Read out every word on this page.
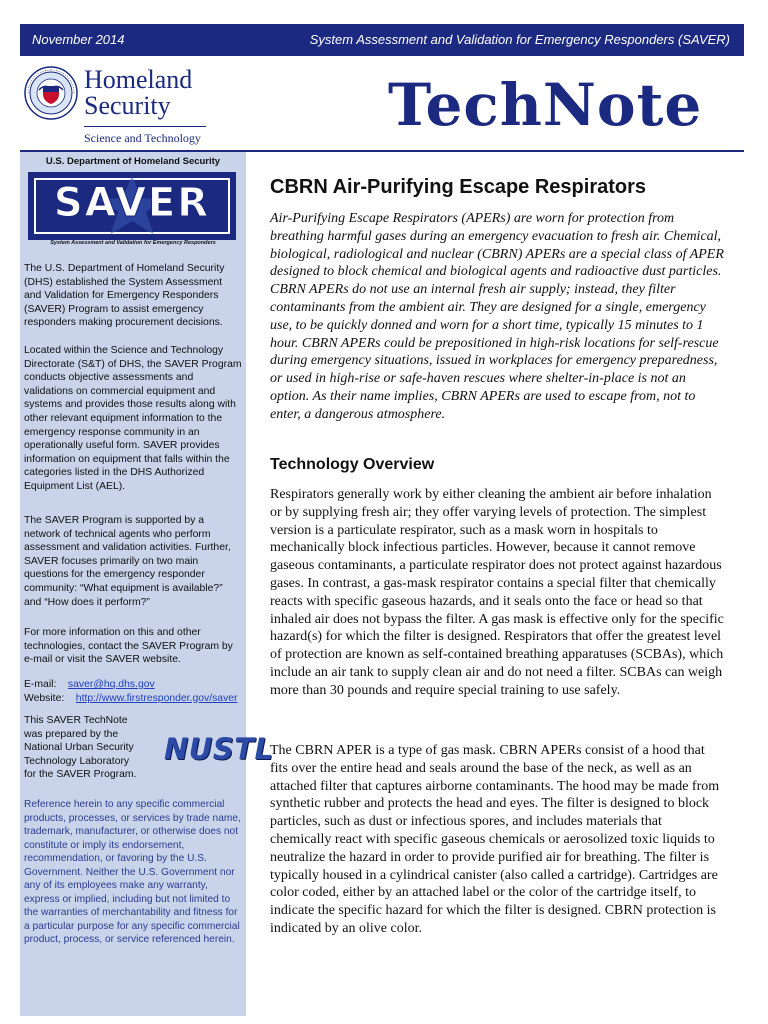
November 2014	System Assessment and Validation for Emergency Responders (SAVER)
Homeland
Security
Science and Technology	TechNote
U.S. Department of Homeland Security
SAVER
System Assessment and Validation for Emergency Responders
The U.S. Department of Homeland Security (DHS) established the System Assessment and Validation for Emergency Responders (SAVER) Program to assist emergency responders making procurement decisions.
Located within the Science and Technology Directorate (S&T) of DHS, the SAVER Program conducts objective assessments and validations on commercial equipment and systems and provides those results along with other relevant equipment information to the emergency response community in an operationally useful form. SAVER provides information on equipment that falls within the categories listed in the DHS Authorized Equipment List (AEL).
The SAVER Program is supported by a network of technical agents who perform assessment and validation activities. Further, SAVER focuses primarily on two main questions for the emergency responder community: “What equipment is available?” and “How does it perform?”
For more information on this and other technologies, contact the SAVER Program by e-mail or visit the SAVER website.
E-mail: saver@hq.dhs.gov
Website: http://www.firstresponder.gov/saver
This SAVER TechNote was prepared by the National Urban Security Technology Laboratory for the SAVER Program.
NUSTL
Reference herein to any specific commercial products, processes, or services by trade name, trademark, manufacturer, or otherwise does not constitute or imply its endorsement, recommendation, or favoring by the U.S. Government. Neither the U.S. Government nor any of its employees make any warranty, express or implied, including but not limited to the warranties of merchantability and fitness for a particular purpose for any specific commercial product, process, or service referenced herein.
CBRN Air-Purifying Escape Respirators
Air-Purifying Escape Respirators (APERs) are worn for protection from breathing harmful gases during an emergency evacuation to fresh air. Chemical, biological, radiological and nuclear (CBRN) APERs are a special class of APER designed to block chemical and biological agents and radioactive dust particles. CBRN APERs do not use an internal fresh air supply; instead, they filter contaminants from the ambient air. They are designed for a single, emergency use, to be quickly donned and worn for a short time, typically 15 minutes to 1 hour. CBRN APERs could be prepositioned in high-risk locations for self-rescue during emergency situations, issued in workplaces for emergency preparedness, or used in high-rise or safe-haven rescues where shelter-in-place is not an option. As their name implies, CBRN APERs are used to escape from, not to enter, a dangerous atmosphere.
Technology Overview
Respirators generally work by either cleaning the ambient air before inhalation or by supplying fresh air; they offer varying levels of protection. The simplest version is a particulate respirator, such as a mask worn in hospitals to mechanically block infectious particles. However, because it cannot remove gaseous contaminants, a particulate respirator does not protect against hazardous gases. In contrast, a gas-mask respirator contains a special filter that chemically reacts with specific gaseous hazards, and it seals onto the face or head so that inhaled air does not bypass the filter. A gas mask is effective only for the specific hazard(s) for which the filter is designed. Respirators that offer the greatest level of protection are known as self-contained breathing apparatuses (SCBAs), which include an air tank to supply clean air and do not need a filter. SCBAs can weigh more than 30 pounds and require special training to use safely.
The CBRN APER is a type of gas mask. CBRN APERs consist of a hood that fits over the entire head and seals around the base of the neck, as well as an attached filter that captures airborne contaminants. The hood may be made from synthetic rubber and protects the head and eyes. The filter is designed to block particles, such as dust or infectious spores, and includes materials that chemically react with specific gaseous chemicals or aerosolized toxic liquids to neutralize the hazard in order to provide purified air for breathing. The filter is typically housed in a cylindrical canister (also called a cartridge). Cartridges are color coded, either by an attached label or the color of the cartridge itself, to indicate the specific hazard for which the filter is designed. CBRN protection is indicated by an olive color.
